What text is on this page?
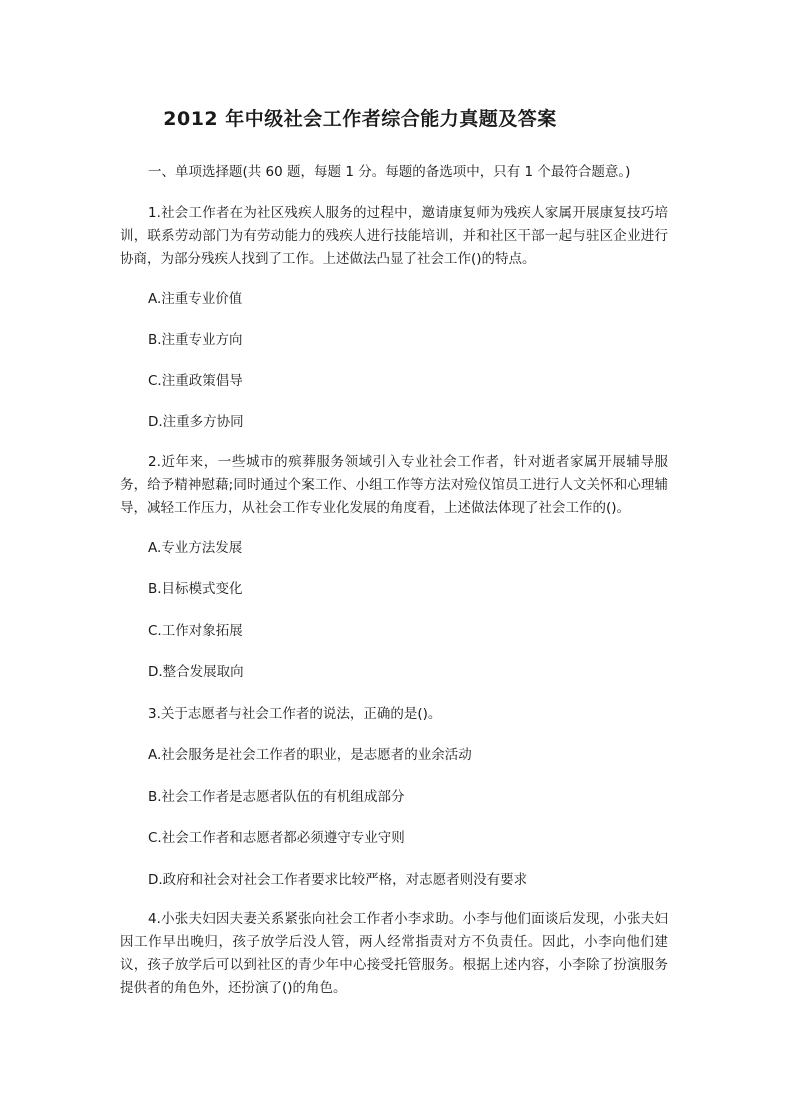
2012 年中级社会工作者综合能力真题及答案

一、单项选择题(共 60 题，每题 1 分。每题的备选项中，只有 1 个最符合题意。)

1.社会工作者在为社区残疾人服务的过程中，邀请康复师为残疾人家属开展康复技巧培训，联系劳动部门为有劳动能力的残疾人进行技能培训，并和社区干部一起与驻区企业进行协商，为部分残疾人找到了工作。上述做法凸显了社会工作()的特点。

A.注重专业价值

B.注重专业方向

C.注重政策倡导

D.注重多方协同

2.近年来，一些城市的殡葬服务领域引入专业社会工作者，针对逝者家属开展辅导服务，给予精神慰藉;同时通过个案工作、小组工作等方法对殓仪馆员工进行人文关怀和心理辅导，减轻工作压力，从社会工作专业化发展的角度看，上述做法体现了社会工作的()。

A.专业方法发展

B.目标模式变化

C.工作对象拓展

D.整合发展取向

3.关于志愿者与社会工作者的说法，正确的是()。

A.社会服务是社会工作者的职业，是志愿者的业余活动

B.社会工作者是志愿者队伍的有机组成部分

C.社会工作者和志愿者都必须遵守专业守则

D.政府和社会对社会工作者要求比较严格，对志愿者则没有要求

4.小张夫妇因夫妻关系紧张向社会工作者小李求助。小李与他们面谈后发现，小张夫妇因工作早出晚归，孩子放学后没人管，两人经常指责对方不负责任。因此，小李向他们建议，孩子放学后可以到社区的青少年中心接受托管服务。根据上述内容，小李除了扮演服务提供者的角色外，还扮演了()的角色。
